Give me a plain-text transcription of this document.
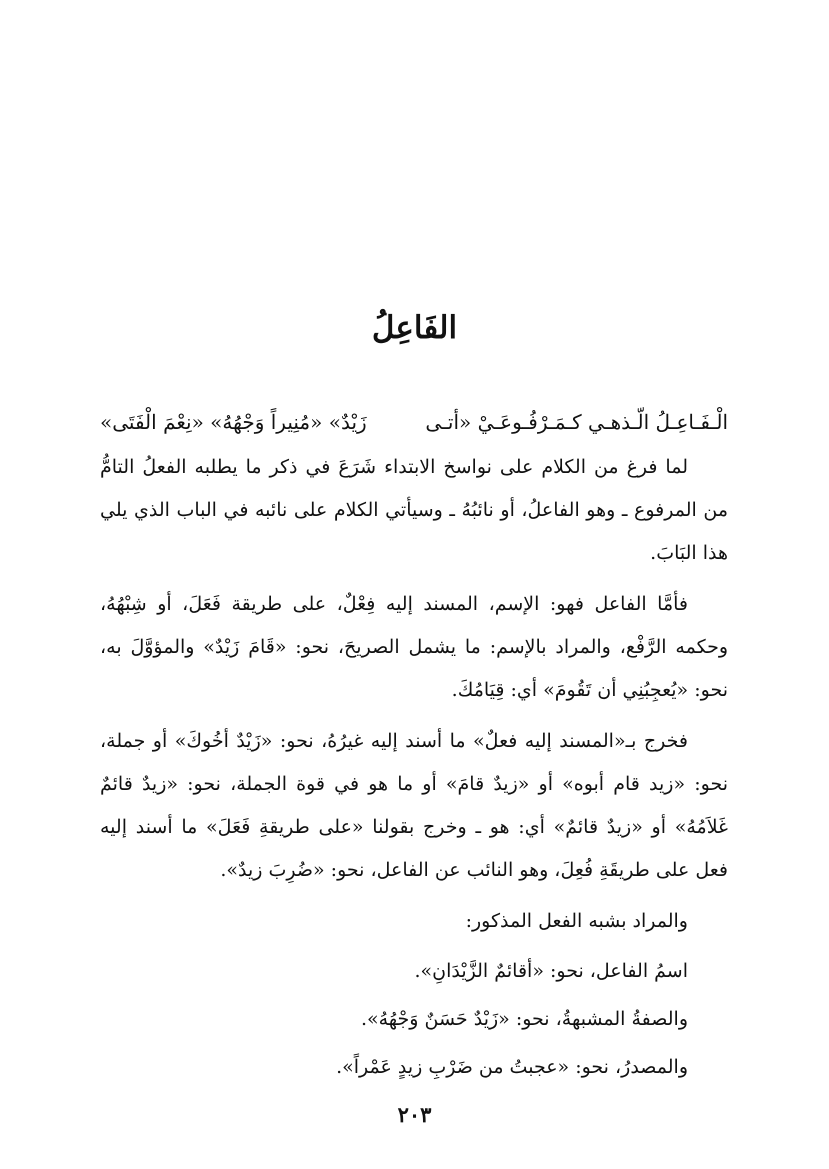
الفَاعِلُ
الْـفَـاعِـلُ الّـذهـي كـمَـرْفُـوعَـيْ «أتـى  زَيْدٌ» «مُنِيراً وَجْهُهُ» «نِعْمَ الْفَتَى»

لما فرغ من الكلام على نواسخ الابتداء شَرَعَ في ذكر ما يطلبه الفعلُ التامُّ من المرفوع ـ وهو الفاعلُ، أو نائبُهُ ـ وسيأتي الكلام على نائبه في الباب الذي يلي هذا البَابَ.

فأمَّا الفاعل فهو: الإسم، المسند إليه فِعْلٌ، على طريقة فَعَلَ، أو شِبْهُهُ، وحكمه الرَّفْع، والمراد بالإسم: ما يشمل الصريحَ، نحو: «قَامَ زَيْدٌ» والمؤوَّلَ به، نحو: «يُعجِبُنِي أن تَقُومَ» أي: قِيَامُكَ.

فخرج بـ«المسند إليه فعلٌ» ما أسند إليه غيرُهُ، نحو: «زَيْدٌ أخُوكَ» أو جملة، نحو: «زيد قام أبوه» أو «زيدٌ قامَ» أو ما هو في قوة الجملة، نحو: «زيدٌ قائمٌ غَلاَمُهُ» أو «زيدٌ قائمٌ» أي: هو ـ وخرج بقولنا «على طريقةِ فَعَلَ» ما أسند إليه فعل على طريقَةِ فُعِلَ، وهو النائب عن الفاعل، نحو: «ضُرِبَ زيدٌ».

والمراد بشبه الفعل المذكور:

اسمُ الفاعل، نحو: «أقائمٌ الزَّيْدَانِ».
والصفةُ المشبهةُ، نحو: «زَيْدٌ حَسَنٌ وَجْهُهُ».
والمصدرُ، نحو: «عجبتُ من ضَرْبِ زيدٍ عَمْراً».
٢٠٣
